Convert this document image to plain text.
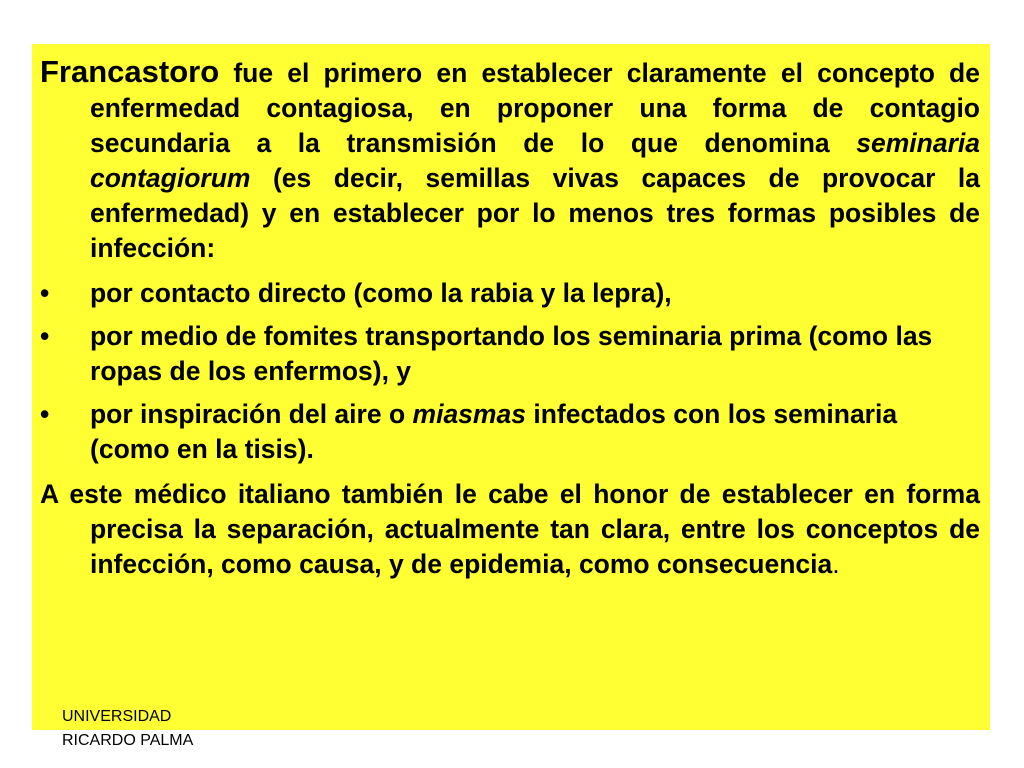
Francastoro fue el primero en establecer claramente el concepto de enfermedad contagiosa, en proponer una forma de contagio secundaria a la transmisión de lo que denomina seminaria contagiorum (es decir, semillas vivas capaces de provocar la enfermedad) y en establecer por lo menos tres formas posibles de infección:

•	por contacto directo (como la rabia y la lepra),

•	por medio de fomites transportando los seminaria prima (como las ropas de los enfermos), y

•	por inspiración del aire o miasmas infectados con los seminaria (como en la tisis).

A este médico italiano también le cabe el honor de establecer en forma precisa la separación, actualmente tan clara, entre los conceptos de infección, como causa, y de epidemia, como consecuencia.

UNIVERSIDAD
RICARDO PALMA
